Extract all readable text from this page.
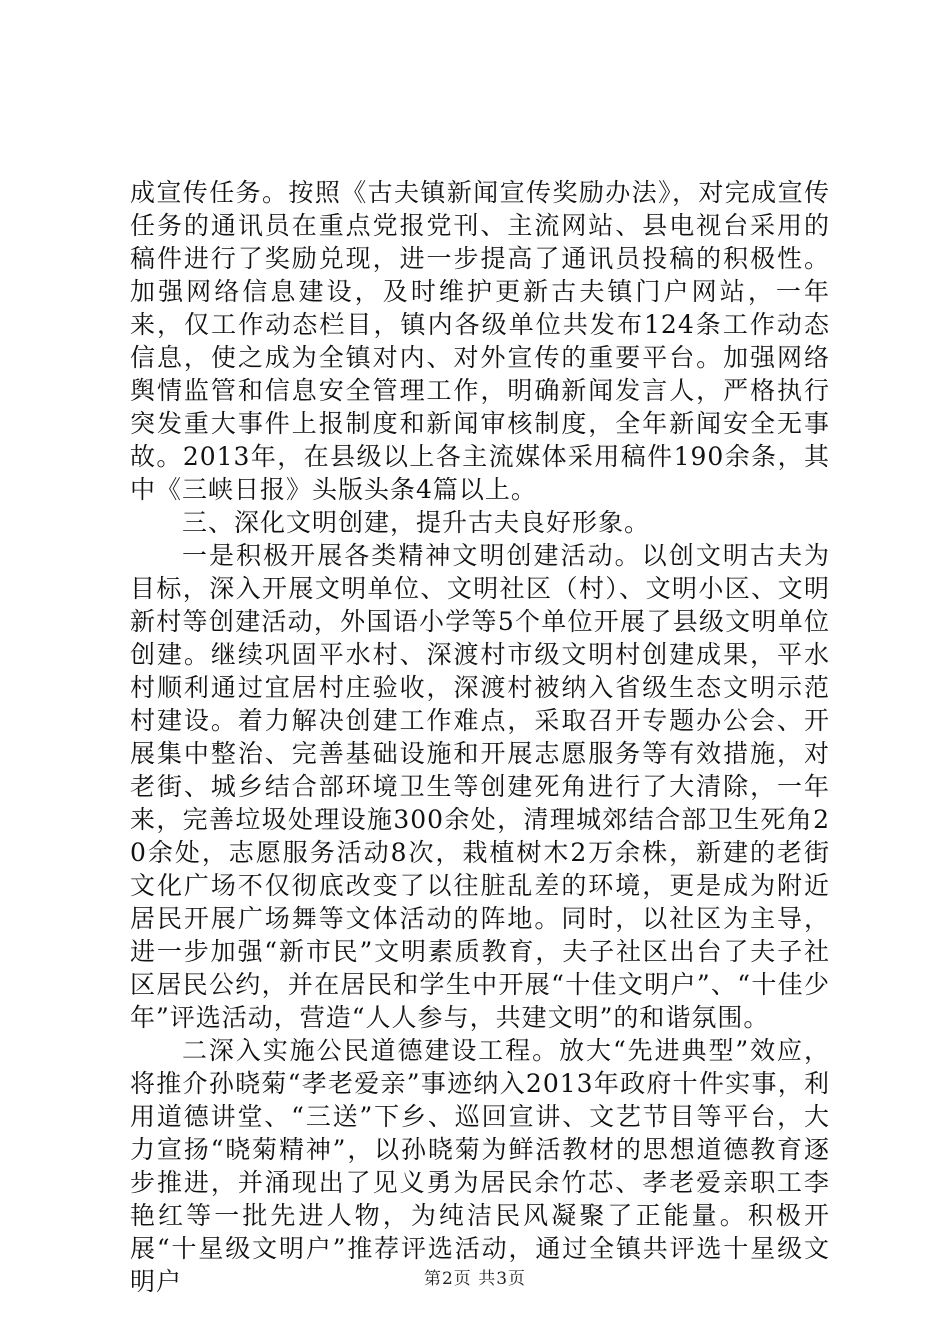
成宣传任务。按照《古夫镇新闻宣传奖励办法》，对完成宣传任务的通讯员在重点党报党刊、主流网站、县电视台采用的稿件进行了奖励兑现，进一步提高了通讯员投稿的积极性。加强网络信息建设，及时维护更新古夫镇门户网站，一年来，仅工作动态栏目，镇内各级单位共发布124条工作动态信息，使之成为全镇对内、对外宣传的重要平台。加强网络舆情监管和信息安全管理工作，明确新闻发言人，严格执行突发重大事件上报制度和新闻审核制度，全年新闻安全无事故。2013年，在县级以上各主流媒体采用稿件190余条，其中《三峡日报》头版头条4篇以上。

三、深化文明创建，提升古夫良好形象。

一是积极开展各类精神文明创建活动。以创文明古夫为目标，深入开展文明单位、文明社区（村）、文明小区、文明新村等创建活动，外国语小学等5个单位开展了县级文明单位创建。继续巩固平水村、深渡村市级文明村创建成果，平水村顺利通过宜居村庄验收，深渡村被纳入省级生态文明示范村建设。着力解决创建工作难点，采取召开专题办公会、开展集中整治、完善基础设施和开展志愿服务等有效措施，对老街、城乡结合部环境卫生等创建死角进行了大清除，一年来，完善垃圾处理设施300余处，清理城郊结合部卫生死角20余处，志愿服务活动8次，栽植树木2万余株，新建的老街文化广场不仅彻底改变了以往脏乱差的环境，更是成为附近居民开展广场舞等文体活动的阵地。同时，以社区为主导，进一步加强“新市民”文明素质教育，夫子社区出台了夫子社区居民公约，并在居民和学生中开展“十佳文明户”、“十佳少年”评选活动，营造“人人参与，共建文明”的和谐氛围。

二深入实施公民道德建设工程。放大“先进典型”效应，将推介孙晓菊“孝老爱亲”事迹纳入2013年政府十件实事，利用道德讲堂、“三送”下乡、巡回宣讲、文艺节目等平台，大力宣扬“晓菊精神”，以孙晓菊为鲜活教材的思想道德教育逐步推进，并涌现出了见义勇为居民余竹芯、孝老爱亲职工李艳红等一批先进人物，为纯洁民风凝聚了正能量。积极开展“十星级文明户”推荐评选活动，通过全镇共评选十星级文明户	第2页 共3页
